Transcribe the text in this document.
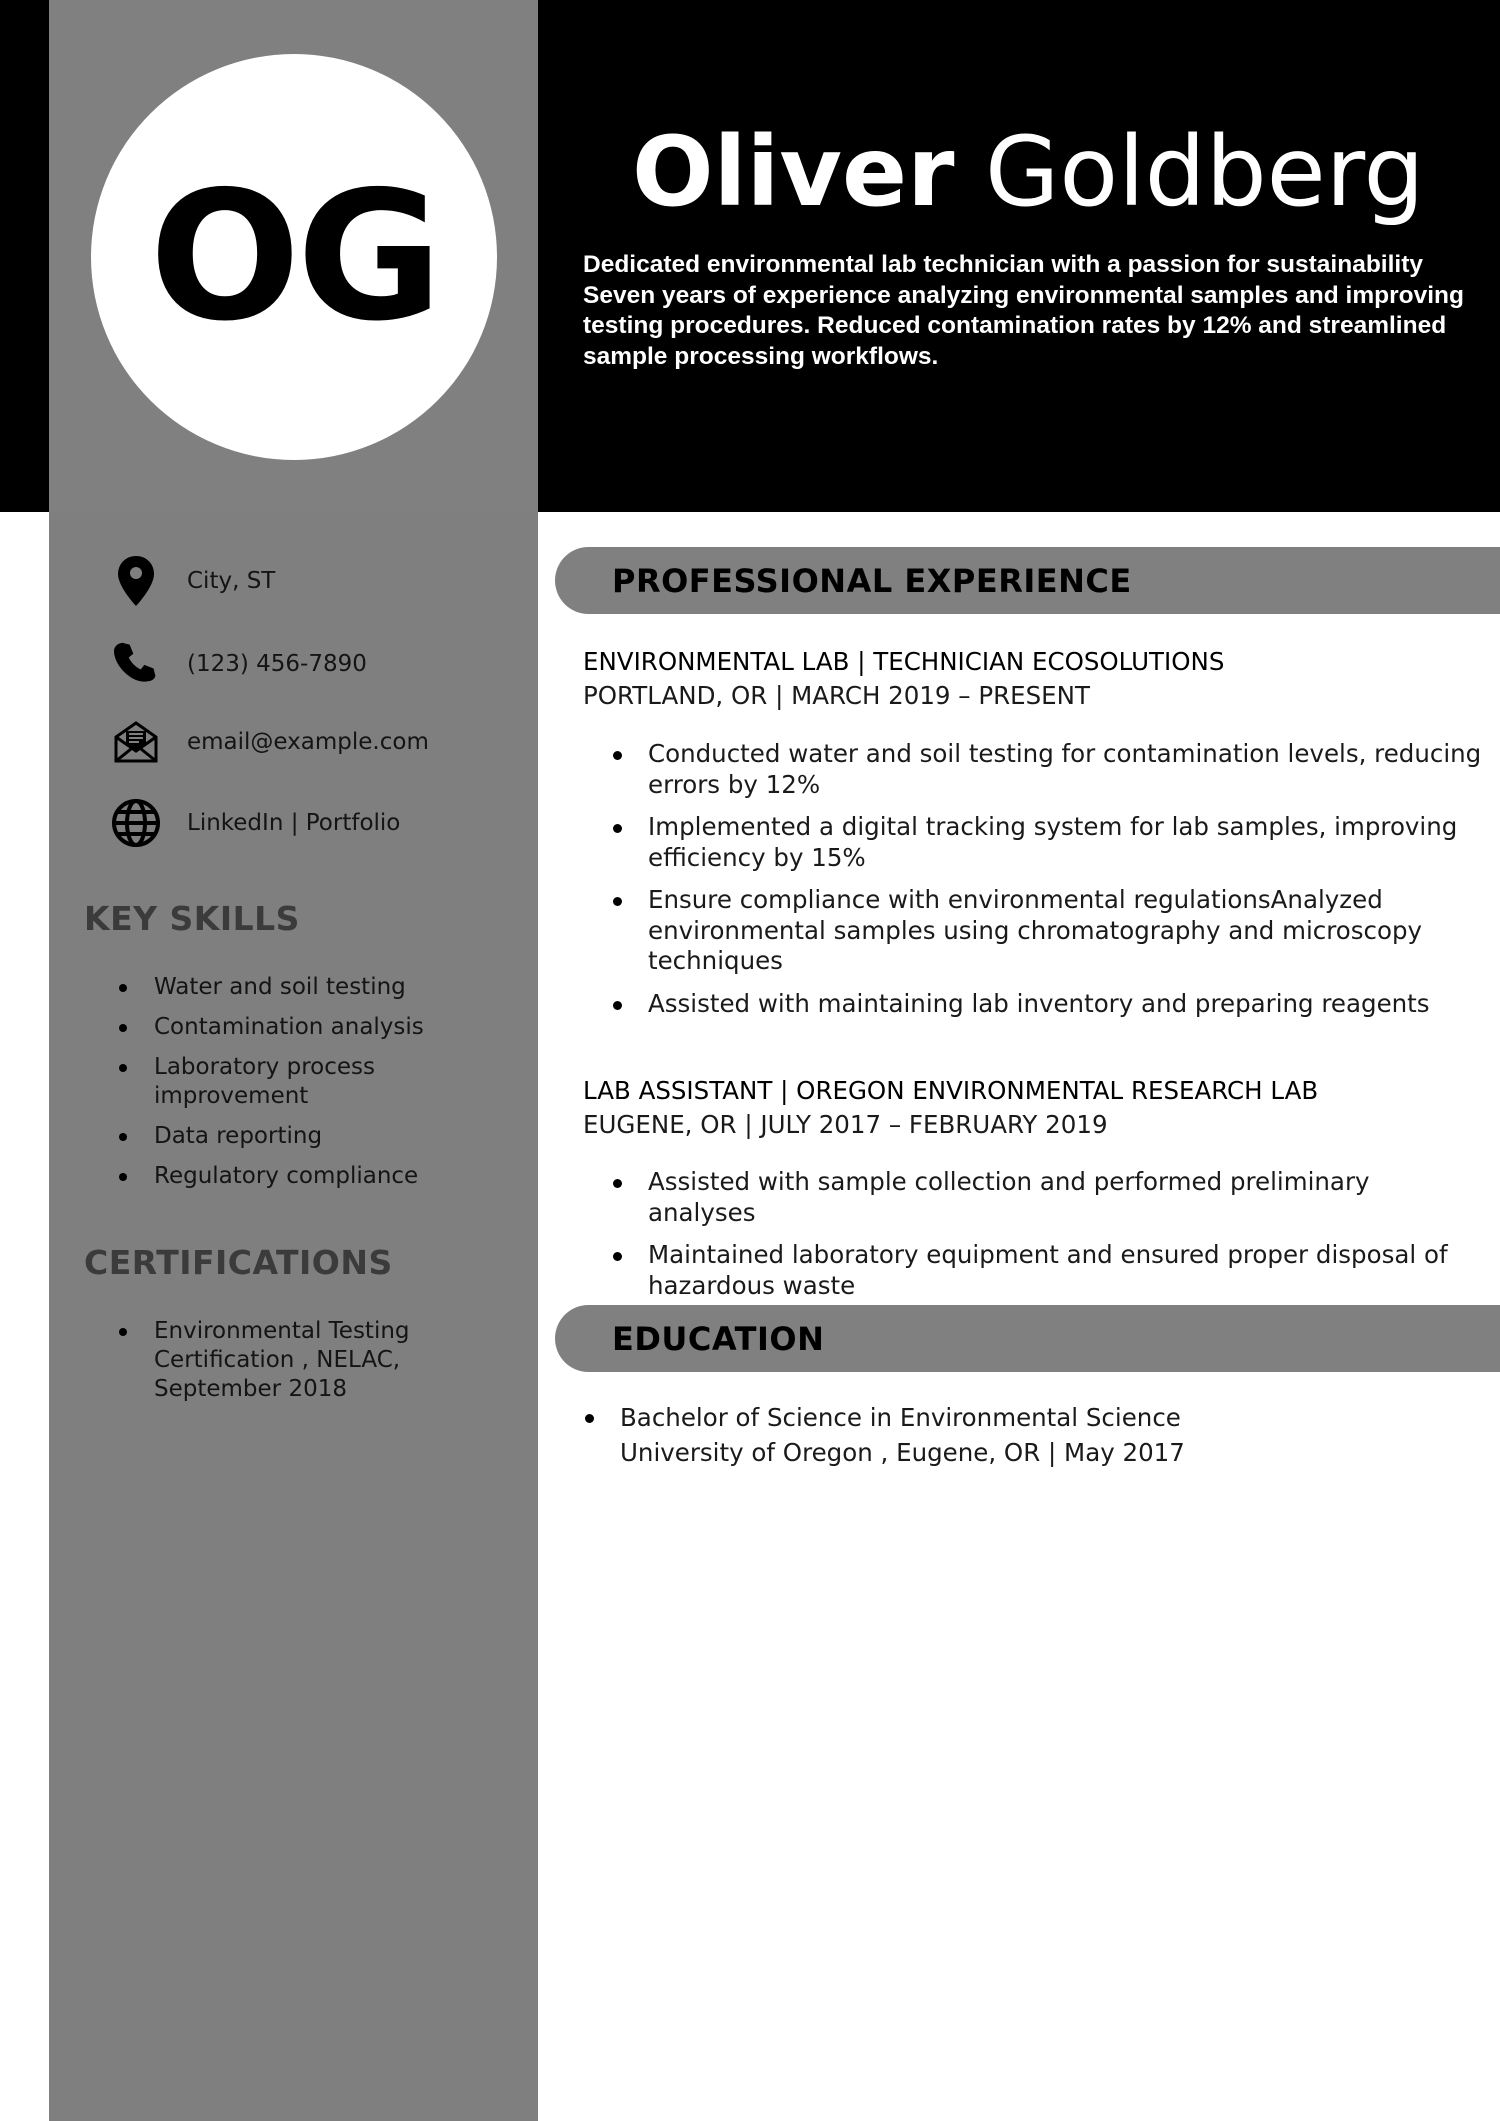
OG Oliver Goldberg

Dedicated environmental lab technician with a passion for sustainability Seven years of experience analyzing environmental samples and improving testing procedures. Reduced contamination rates by 12% and streamlined sample processing workflows.

City, ST
(123) 456-7890
email@example.com
LinkedIn | Portfolio
KEY SKILLS
Water and soil testing
Contamination analysis
Laboratory process improvement
Data reporting
Regulatory compliance
CERTIFICATIONS
Environmental Testing Certification , NELAC, September 2018
PROFESSIONAL EXPERIENCE
ENVIRONMENTAL LAB | TECHNICIAN ECOSOLUTIONS
PORTLAND, OR | MARCH 2019 – PRESENT
Conducted water and soil testing for contamination levels, reducing errors by 12%
Implemented a digital tracking system for lab samples, improving efficiency by 15%
Ensure compliance with environmental regulationsAnalyzed environmental samples using chromatography and microscopy techniques
Assisted with maintaining lab inventory and preparing reagents
LAB ASSISTANT | OREGON ENVIRONMENTAL RESEARCH LAB
EUGENE, OR | JULY 2017 – FEBRUARY 2019
Assisted with sample collection and performed preliminary analyses
Maintained laboratory equipment and ensured proper disposal of hazardous waste
EDUCATION
Bachelor of Science in Environmental Science
University of Oregon , Eugene, OR | May 2017
